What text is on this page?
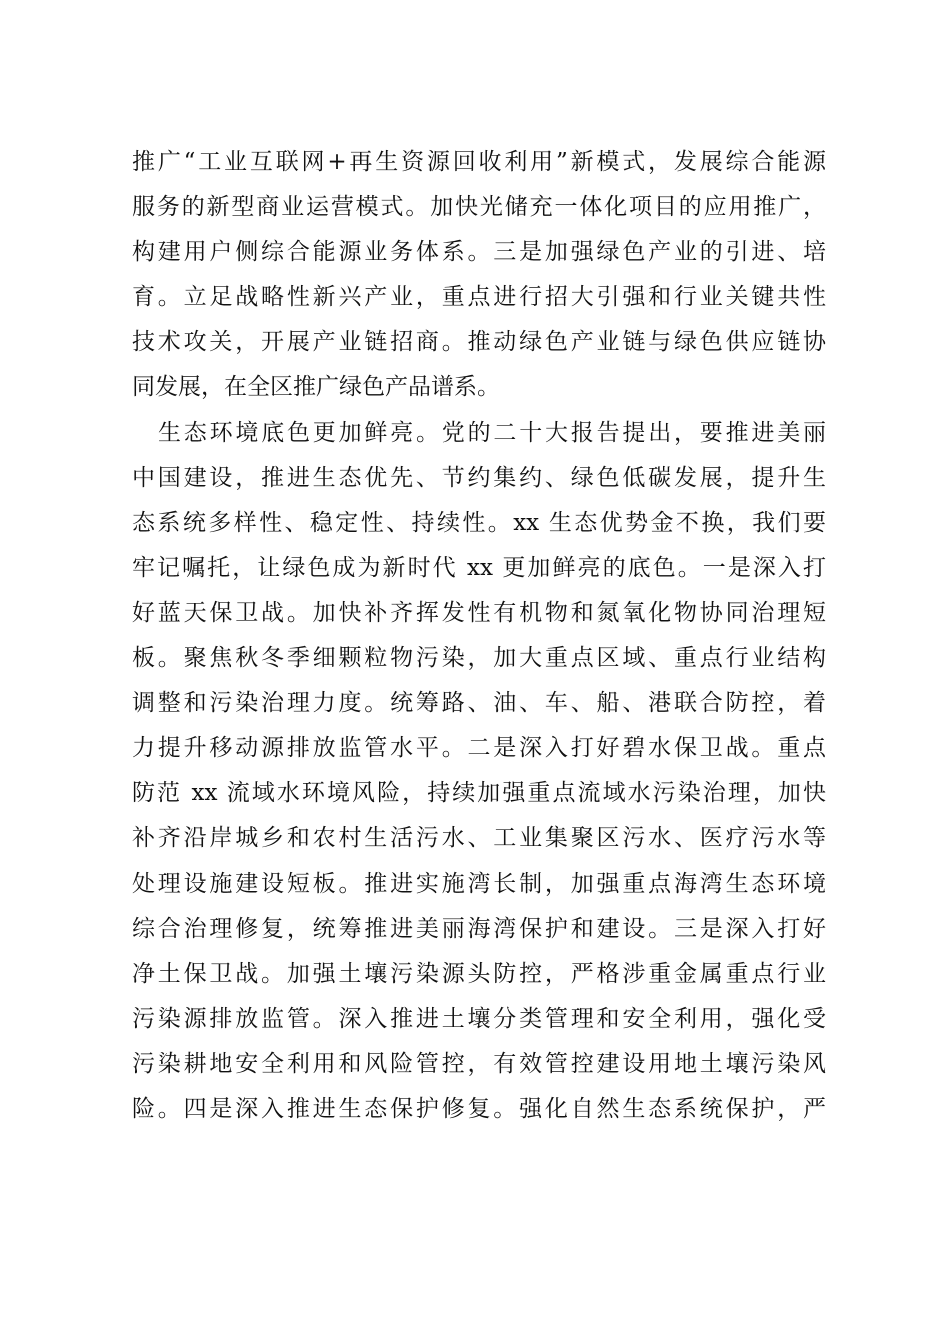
推广“工业互联网+再生资源回收利用”新模式，发展综合能源
服务的新型商业运营模式。加快光储充一体化项目的应用推广，
构建用户侧综合能源业务体系。三是加强绿色产业的引进、培
育。立足战略性新兴产业，重点进行招大引强和行业关键共性
技术攻关，开展产业链招商。推动绿色产业链与绿色供应链协
同发展，在全区推广绿色产品谱系。
生态环境底色更加鲜亮。党的二十大报告提出，要推进美丽
中国建设，推进生态优先、节约集约、绿色低碳发展，提升生
态系统多样性、稳定性、持续性。xx 生态优势金不换，我们要
牢记嘱托，让绿色成为新时代 xx 更加鲜亮的底色。一是深入打
好蓝天保卫战。加快补齐挥发性有机物和氮氧化物协同治理短
板。聚焦秋冬季细颗粒物污染，加大重点区域、重点行业结构
调整和污染治理力度。统筹路、油、车、船、港联合防控，着
力提升移动源排放监管水平。二是深入打好碧水保卫战。重点
防范 xx 流域水环境风险，持续加强重点流域水污染治理，加快
补齐沿岸城乡和农村生活污水、工业集聚区污水、医疗污水等
处理设施建设短板。推进实施湾长制，加强重点海湾生态环境
综合治理修复，统筹推进美丽海湾保护和建设。三是深入打好
净土保卫战。加强土壤污染源头防控，严格涉重金属重点行业
污染源排放监管。深入推进土壤分类管理和安全利用，强化受
污染耕地安全利用和风险管控，有效管控建设用地土壤污染风
险。四是深入推进生态保护修复。强化自然生态系统保护，严
